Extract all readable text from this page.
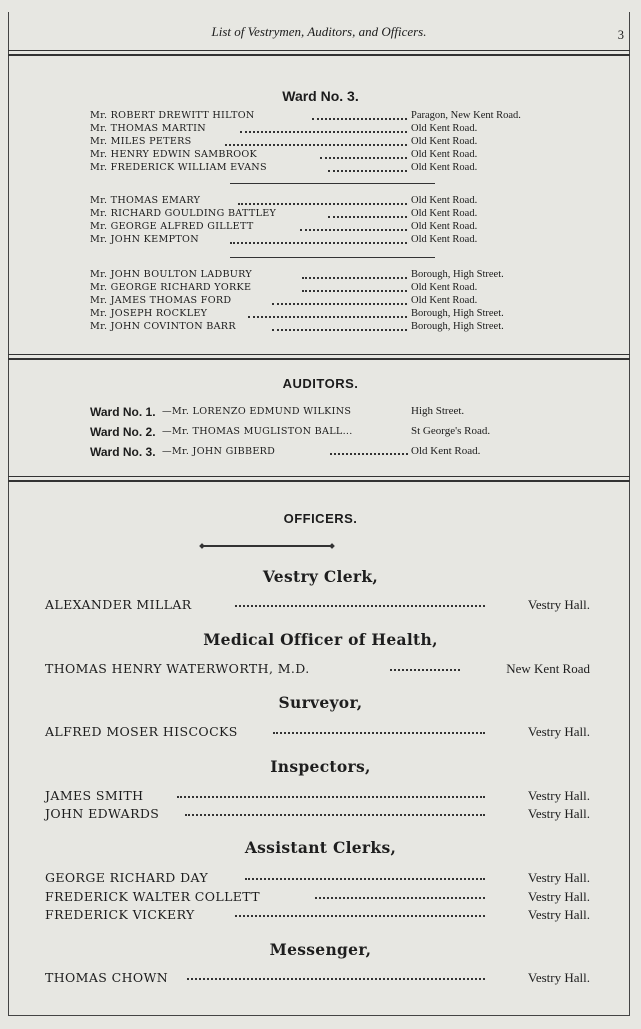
List of Vestrymen, Auditors, and Officers.	3
Ward No. 3.
Mr. ROBERT DREWITT HILTON	Paragon, New Kent Road.
Mr. THOMAS MARTIN	Old Kent Road.
Mr. MILES PETERS	Old Kent Road.
Mr. HENRY EDWIN SAMBROOK	Old Kent Road.
Mr. FREDERICK WILLIAM EVANS	Old Kent Road.
Mr. THOMAS EMARY	Old Kent Road.
Mr. RICHARD GOULDING BATTLEY	Old Kent Road.
Mr. GEORGE ALFRED GILLETT	Old Kent Road.
Mr. JOHN KEMPTON	Old Kent Road.
Mr. JOHN BOULTON LADBURY	Borough, High Street.
Mr. GEORGE RICHARD YORKE	Old Kent Road.
Mr. JAMES THOMAS FORD	Old Kent Road.
Mr. JOSEPH ROCKLEY	Borough, High Street.
Mr. JOHN COVINTON BARR	Borough, High Street.
AUDITORS.
Ward No. 1. —Mr. LORENZO EDMUND WILKINS	High Street.
Ward No. 2. —Mr. THOMAS MUGLISTON BALL...	St George's Road.
Ward No. 3. —Mr. JOHN GIBBERD	Old Kent Road.
OFFICERS.
Vestry Clerk,
ALEXANDER MILLAR	Vestry Hall.
Medical Officer of Health,
THOMAS HENRY WATERWORTH, M.D.	New Kent Road
Surveyor,
ALFRED MOSER HISCOCKS	Vestry Hall.
Inspectors,
JAMES SMITH	Vestry Hall.
JOHN EDWARDS	Vestry Hall.
Assistant Clerks,
GEORGE RICHARD DAY	Vestry Hall.
FREDERICK WALTER COLLETT	Vestry Hall.
FREDERICK VICKERY	Vestry Hall.
Messenger,
THOMAS CHOWN	Vestry Hall.
